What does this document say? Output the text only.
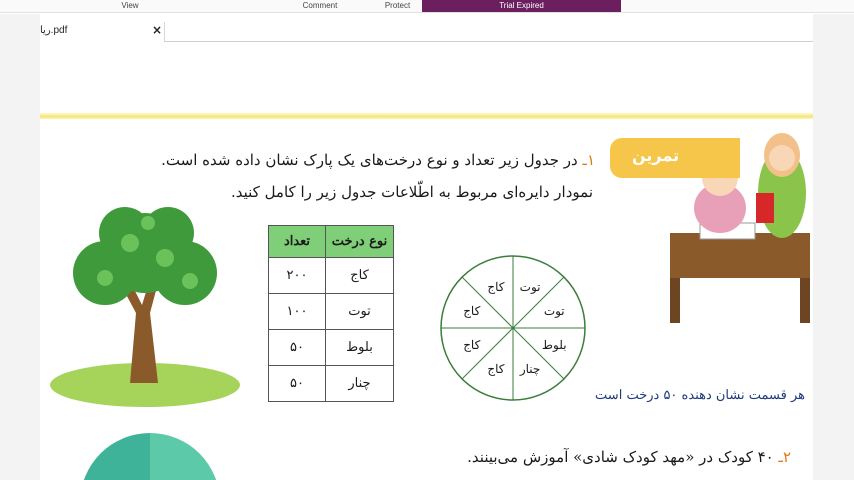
View	Comment	Protect	Trial Expired
ریا.pdf	×
تمرین
۱ـ در جدول زیر تعداد و نوع درخت‌های یک پارک نشان داده شده است.
نمودار دایره‌ای مربوط به اطّلاعات جدول زیر را کامل کنید.
تعداد	نوع درخت
۲۰۰	کاج
۱۰۰	توت
۵۰	بلوط
۵۰	چنار
توت
توت
بلوط
چنار
کاج
کاج
کاج
کاج
هر قسمت نشان دهنده ۵۰ درخت است
۲ـ ۴۰ کودک در «مهد کودک شادی» آموزش می‌بینند.
